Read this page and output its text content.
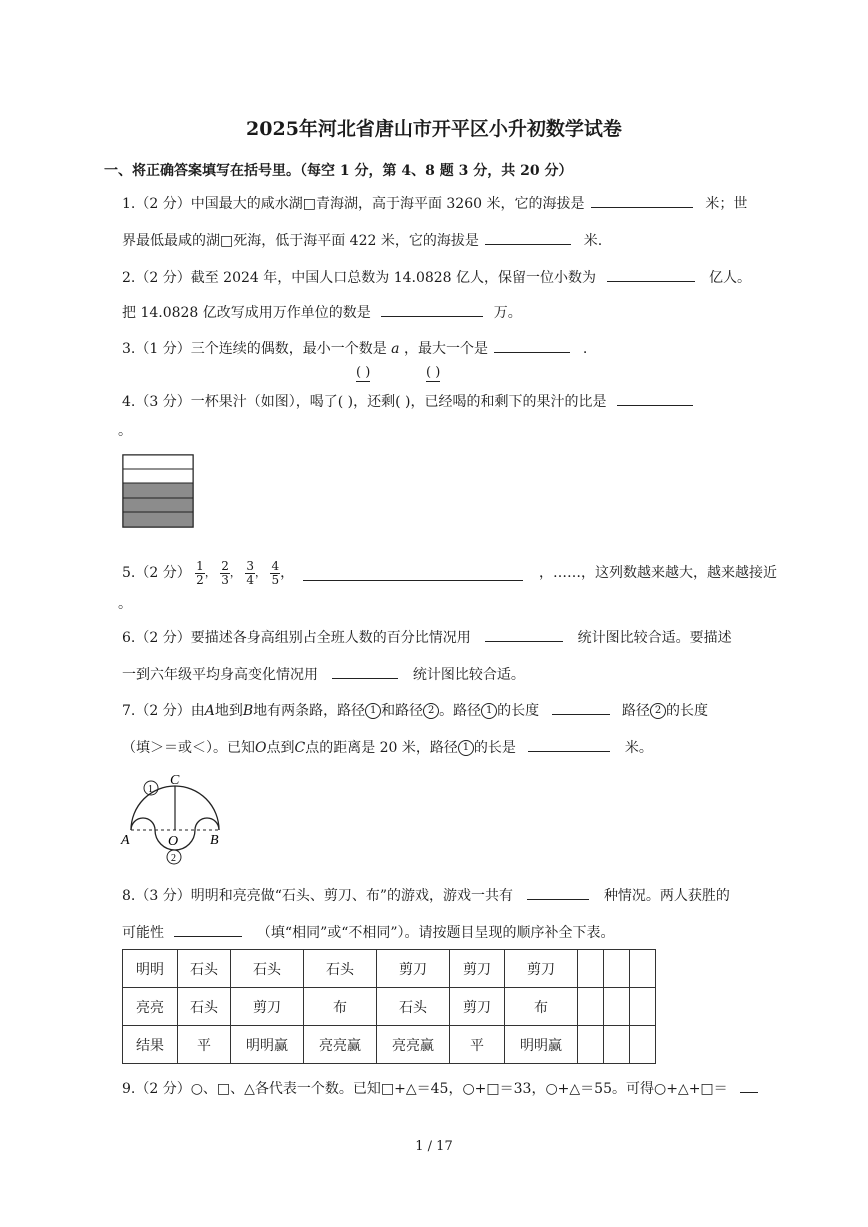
2025年河北省唐山市开平区小升初数学试卷
一、将正确答案填写在括号里。（每空 1 分，第 4、8 题 3 分，共 20 分）
1.（2 分）中国最大的咸水湖□青海湖，高于海平面 3260 米，它的海拔是	米；世
界最低最咸的湖□死海，低于海平面 422 米，它的海拔是	米.
2.（2 分）截至 2024 年，中国人口总数为 14.0828 亿人，保留一位小数为	亿人。
把 14.0828 亿改写成用万作单位的数是	万。
3.（1 分）三个连续的偶数，最小一个数是 a ，最大一个是	.
( )	( )
4.（3 分）一杯果汁（如图），喝了( )，还剩( )，已经喝的和剩下的果汁的比是
。
5.（2 分） $\frac{1}{2}$ ， $\frac{2}{3}$ ， $\frac{3}{4}$ ， $\frac{4}{5}$ ，	，……，这列数越来越大，越来越接近
。
6.（2 分）要描述各身高组别占全班人数的百分比情况用	统计图比较合适。要描述
一到六年级平均身高变化情况用	统计图比较合适。
7.（2 分）由A地到B地有两条路，路径 1 和路径 2 。路径 1 的长度	路径 2 的长度
（填＞＝或＜）。已知O点到C点的距离是 20 米，路径 1 的长是	米。
C
1
A	O B
2
8.（3 分）明明和亮亮做“石头、剪刀、布”的游戏，游戏一共有	种情况。两人获胜的
可能性	（填“相同”或“不相同”）。请按题目呈现的顺序补全下表。
明明	石头	石头	石头	剪刀	剪刀	剪刀			
亮亮	石头	剪刀	布	石头	剪刀	布			
结果	平	明明赢	亮亮赢	亮亮赢	平	明明赢			
9.（2 分）○、□、△各代表一个数。已知□+△＝45，○+□＝33，○+△＝55。可得○+△+□＝
1 / 17
